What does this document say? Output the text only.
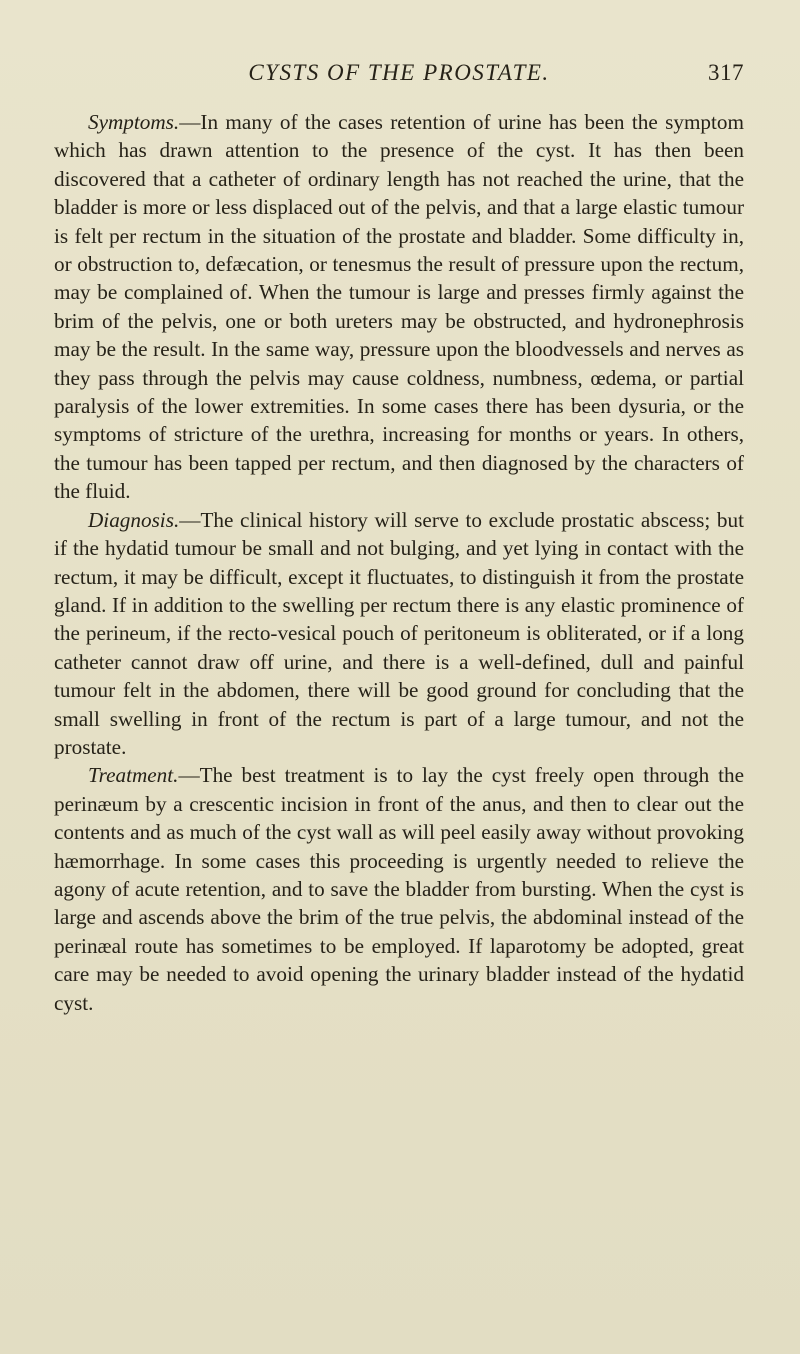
CYSTS OF THE PROSTATE.	317

Symptoms.—In many of the cases retention of urine has been the symptom which has drawn attention to the presence of the cyst. It has then been discovered that a catheter of ordinary length has not reached the urine, that the bladder is more or less displaced out of the pelvis, and that a large elastic tumour is felt per rectum in the situation of the prostate and bladder. Some difficulty in, or obstruction to, defæcation, or tenesmus the result of pressure upon the rectum, may be complained of. When the tumour is large and presses firmly against the brim of the pelvis, one or both ureters may be obstructed, and hydronephrosis may be the result. In the same way, pressure upon the bloodvessels and nerves as they pass through the pelvis may cause coldness, numbness, œdema, or partial paralysis of the lower extremities. In some cases there has been dysuria, or the symptoms of stricture of the urethra, increasing for months or years. In others, the tumour has been tapped per rectum, and then diagnosed by the characters of the fluid.

Diagnosis.—The clinical history will serve to exclude prostatic abscess; but if the hydatid tumour be small and not bulging, and yet lying in contact with the rectum, it may be difficult, except it fluctuates, to distinguish it from the prostate gland. If in addition to the swelling per rectum there is any elastic prominence of the perineum, if the recto-vesical pouch of peritoneum is obliterated, or if a long catheter cannot draw off urine, and there is a well-defined, dull and painful tumour felt in the abdomen, there will be good ground for concluding that the small swelling in front of the rectum is part of a large tumour, and not the prostate.

Treatment.—The best treatment is to lay the cyst freely open through the perinæum by a crescentic incision in front of the anus, and then to clear out the contents and as much of the cyst wall as will peel easily away without provoking hæmorrhage. In some cases this proceeding is urgently needed to relieve the agony of acute retention, and to save the bladder from bursting. When the cyst is large and ascends above the brim of the true pelvis, the abdominal instead of the perinæal route has sometimes to be employed. If laparotomy be adopted, great care may be needed to avoid opening the urinary bladder instead of the hydatid cyst.
